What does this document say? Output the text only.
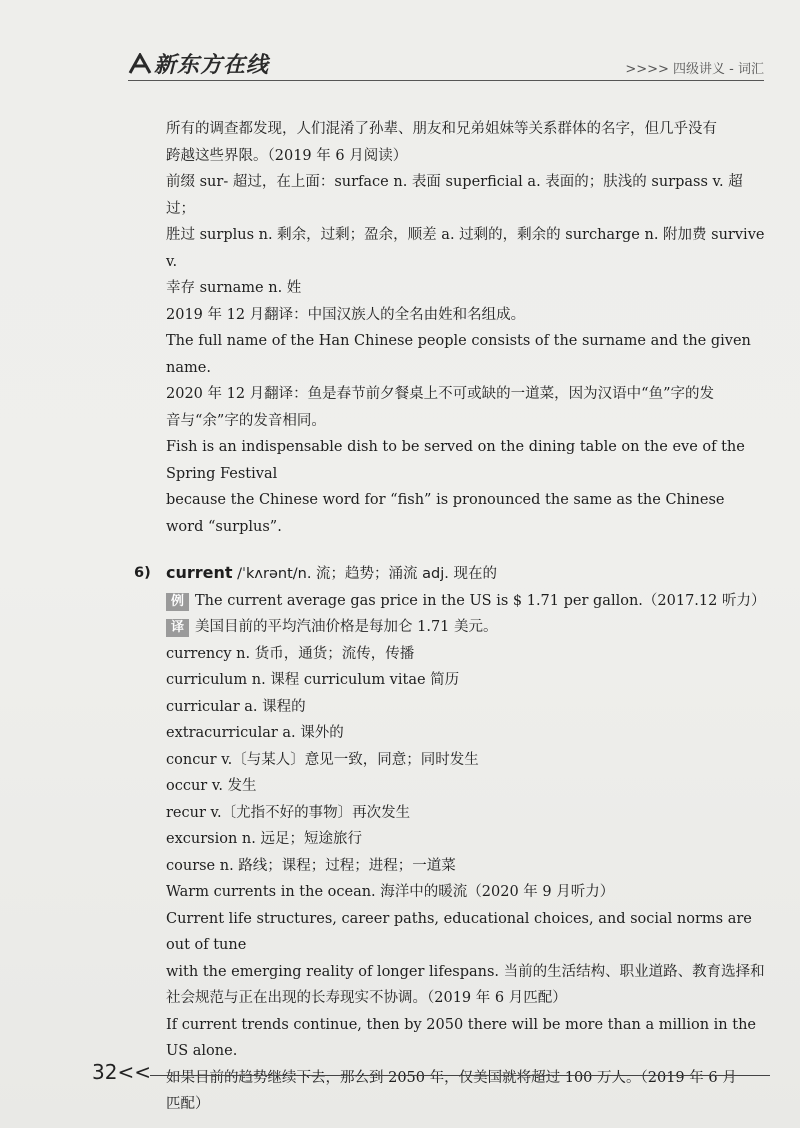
新东方在线	>>>> 四级讲义 - 词汇

所有的调查都发现，人们混淆了孙辈、朋友和兄弟姐妹等关系群体的名字，但几乎没有

跨越这些界限。（2019 年 6 月阅读）

前缀 sur- 超过，在上面：surface n. 表面 superficial a. 表面的；肤浅的 surpass v. 超过；

胜过 surplus n. 剩余，过剩；盈余，顺差 a. 过剩的，剩余的 surcharge n. 附加费 survive v.

幸存 surname n. 姓

2019 年 12 月翻译：中国汉族人的全名由姓和名组成。

The full name of the Han Chinese people consists of the surname and the given name.

2020 年 12 月翻译：鱼是春节前夕餐桌上不可或缺的一道菜，因为汉语中“鱼”字的发

音与“余”字的发音相同。

Fish is an indispensable dish to be served on the dining table on the eve of the Spring Festival

because the Chinese word for “fish” is pronounced the same as the Chinese word “surplus”.

6) current /ˈkʌrənt/n. 流；趋势；涌流 adj. 现在的

例 The current average gas price in the US is $ 1.71 per gallon.（2017.12 听力）

译 美国目前的平均汽油价格是每加仑 1.71 美元。

currency n. 货币，通货；流传，传播

curriculum n. 课程 curriculum vitae 简历

curricular a. 课程的

extracurricular a. 课外的

concur v.〔与某人〕意见一致，同意；同时发生

occur v. 发生

recur v.〔尤指不好的事物〕再次发生

excursion n. 远足；短途旅行

course n. 路线；课程；过程；进程；一道菜

Warm currents in the ocean. 海洋中的暖流（2020 年 9 月听力）

Current life structures, career paths, educational choices, and social norms are out of tune

with the emerging reality of longer lifespans. 当前的生活结构、职业道路、教育选择和

社会规范与正在出现的长寿现实不协调。（2019 年 6 月匹配）

If current trends continue, then by 2050 there will be more than a million in the US alone.

如果目前的趋势继续下去，那么到 2050 年，仅美国就将超过 100 万人。（2019 年 6 月

匹配）

32<<
